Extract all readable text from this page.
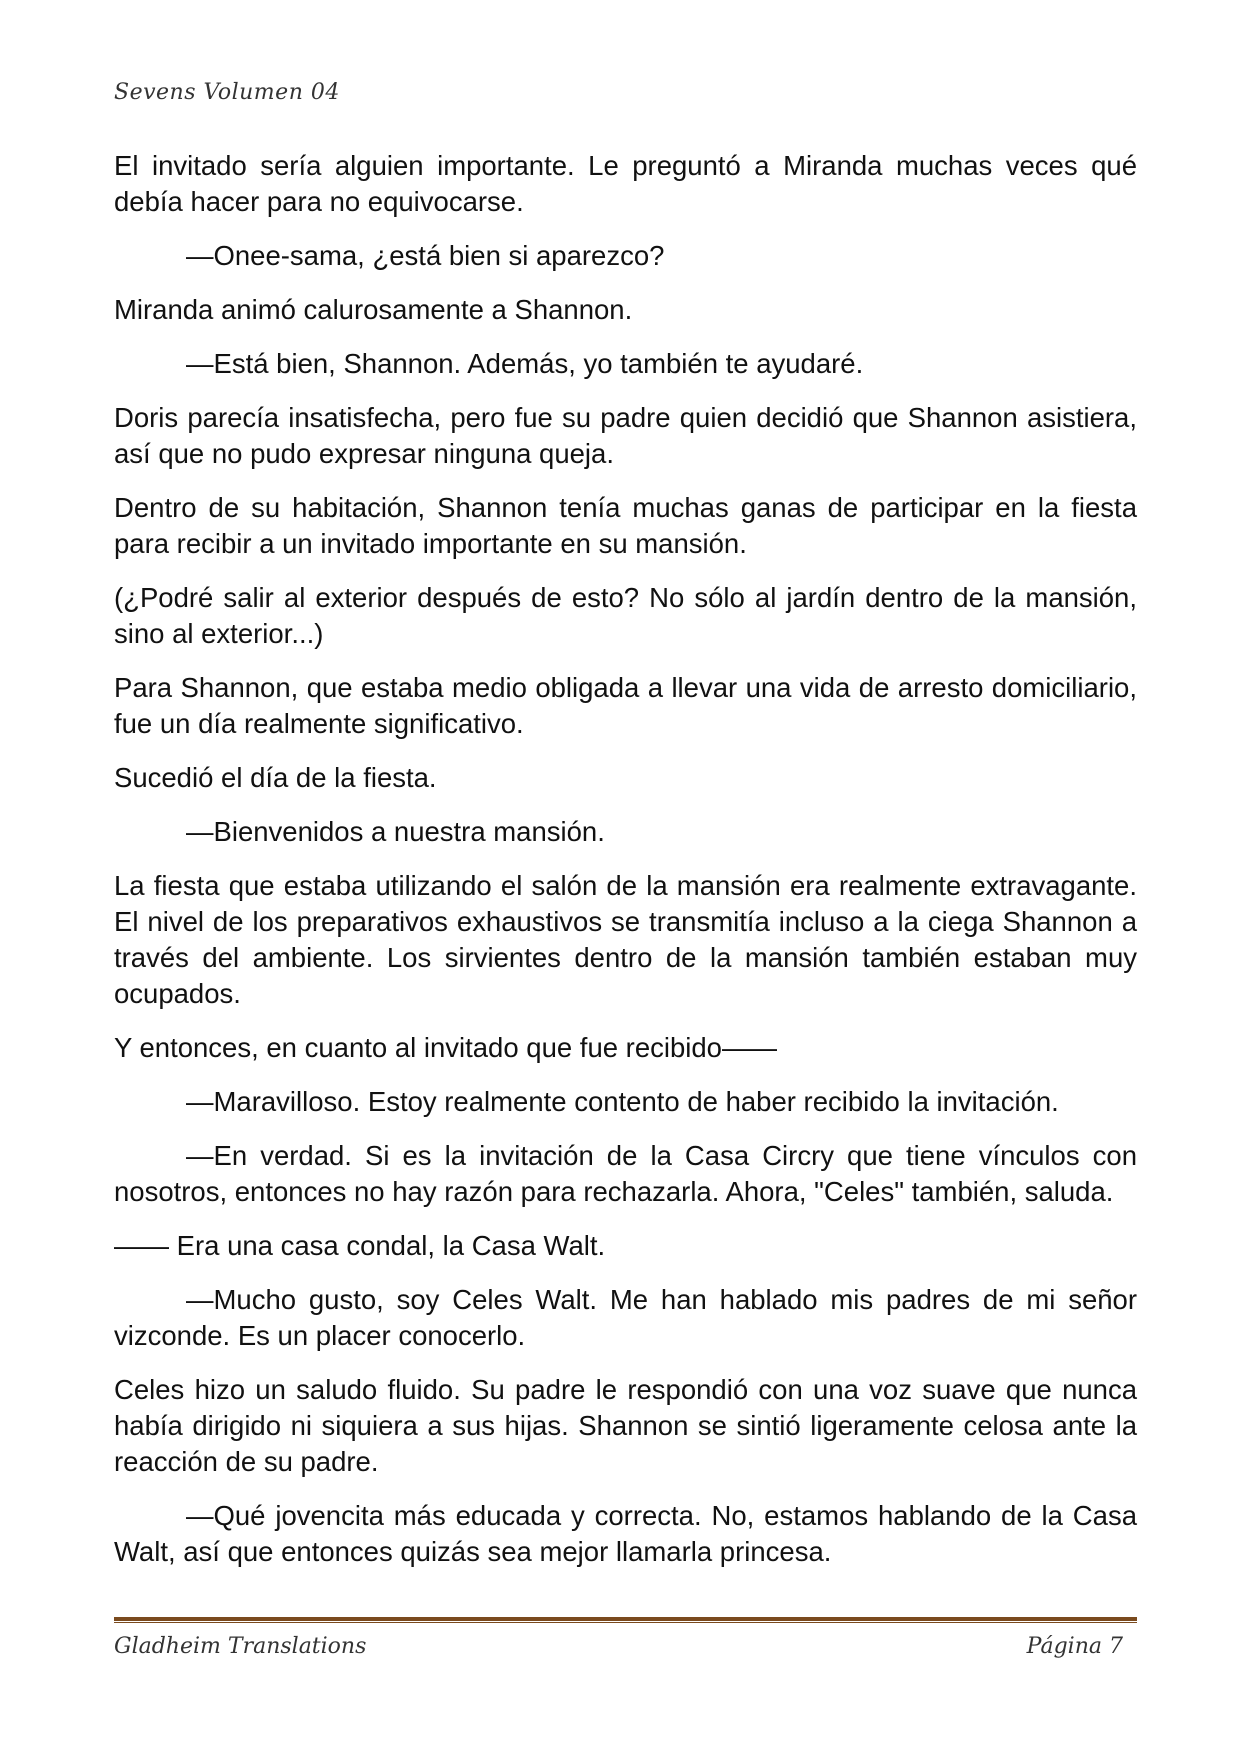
Sevens Volumen 04

El invitado sería alguien importante. Le preguntó a Miranda muchas veces qué debía hacer para no equivocarse.

—Onee-sama, ¿está bien si aparezco?

Miranda animó calurosamente a Shannon.

—Está bien, Shannon. Además, yo también te ayudaré.

Doris parecía insatisfecha, pero fue su padre quien decidió que Shannon asistiera, así que no pudo expresar ninguna queja.

Dentro de su habitación, Shannon tenía muchas ganas de participar en la fiesta para recibir a un invitado importante en su mansión.

(¿Podré salir al exterior después de esto? No sólo al jardín dentro de la mansión, sino al exterior...)

Para Shannon, que estaba medio obligada a llevar una vida de arresto domiciliario, fue un día realmente significativo.

Sucedió el día de la fiesta.

—Bienvenidos a nuestra mansión.

La fiesta que estaba utilizando el salón de la mansión era realmente extravagante. El nivel de los preparativos exhaustivos se transmitía incluso a la ciega Shannon a través del ambiente. Los sirvientes dentro de la mansión también estaban muy ocupados.

Y entonces, en cuanto al invitado que fue recibido——

—Maravilloso. Estoy realmente contento de haber recibido la invitación.

—En verdad. Si es la invitación de la Casa Circry que tiene vínculos con nosotros, entonces no hay razón para rechazarla. Ahora, "Celes" también, saluda.

—— Era una casa condal, la Casa Walt.

—Mucho gusto, soy Celes Walt. Me han hablado mis padres de mi señor vizconde. Es un placer conocerlo.

Celes hizo un saludo fluido. Su padre le respondió con una voz suave que nunca había dirigido ni siquiera a sus hijas. Shannon se sintió ligeramente celosa ante la reacción de su padre.

—Qué jovencita más educada y correcta. No, estamos hablando de la Casa Walt, así que entonces quizás sea mejor llamarla princesa.

Gladheim Translations	Página 7
